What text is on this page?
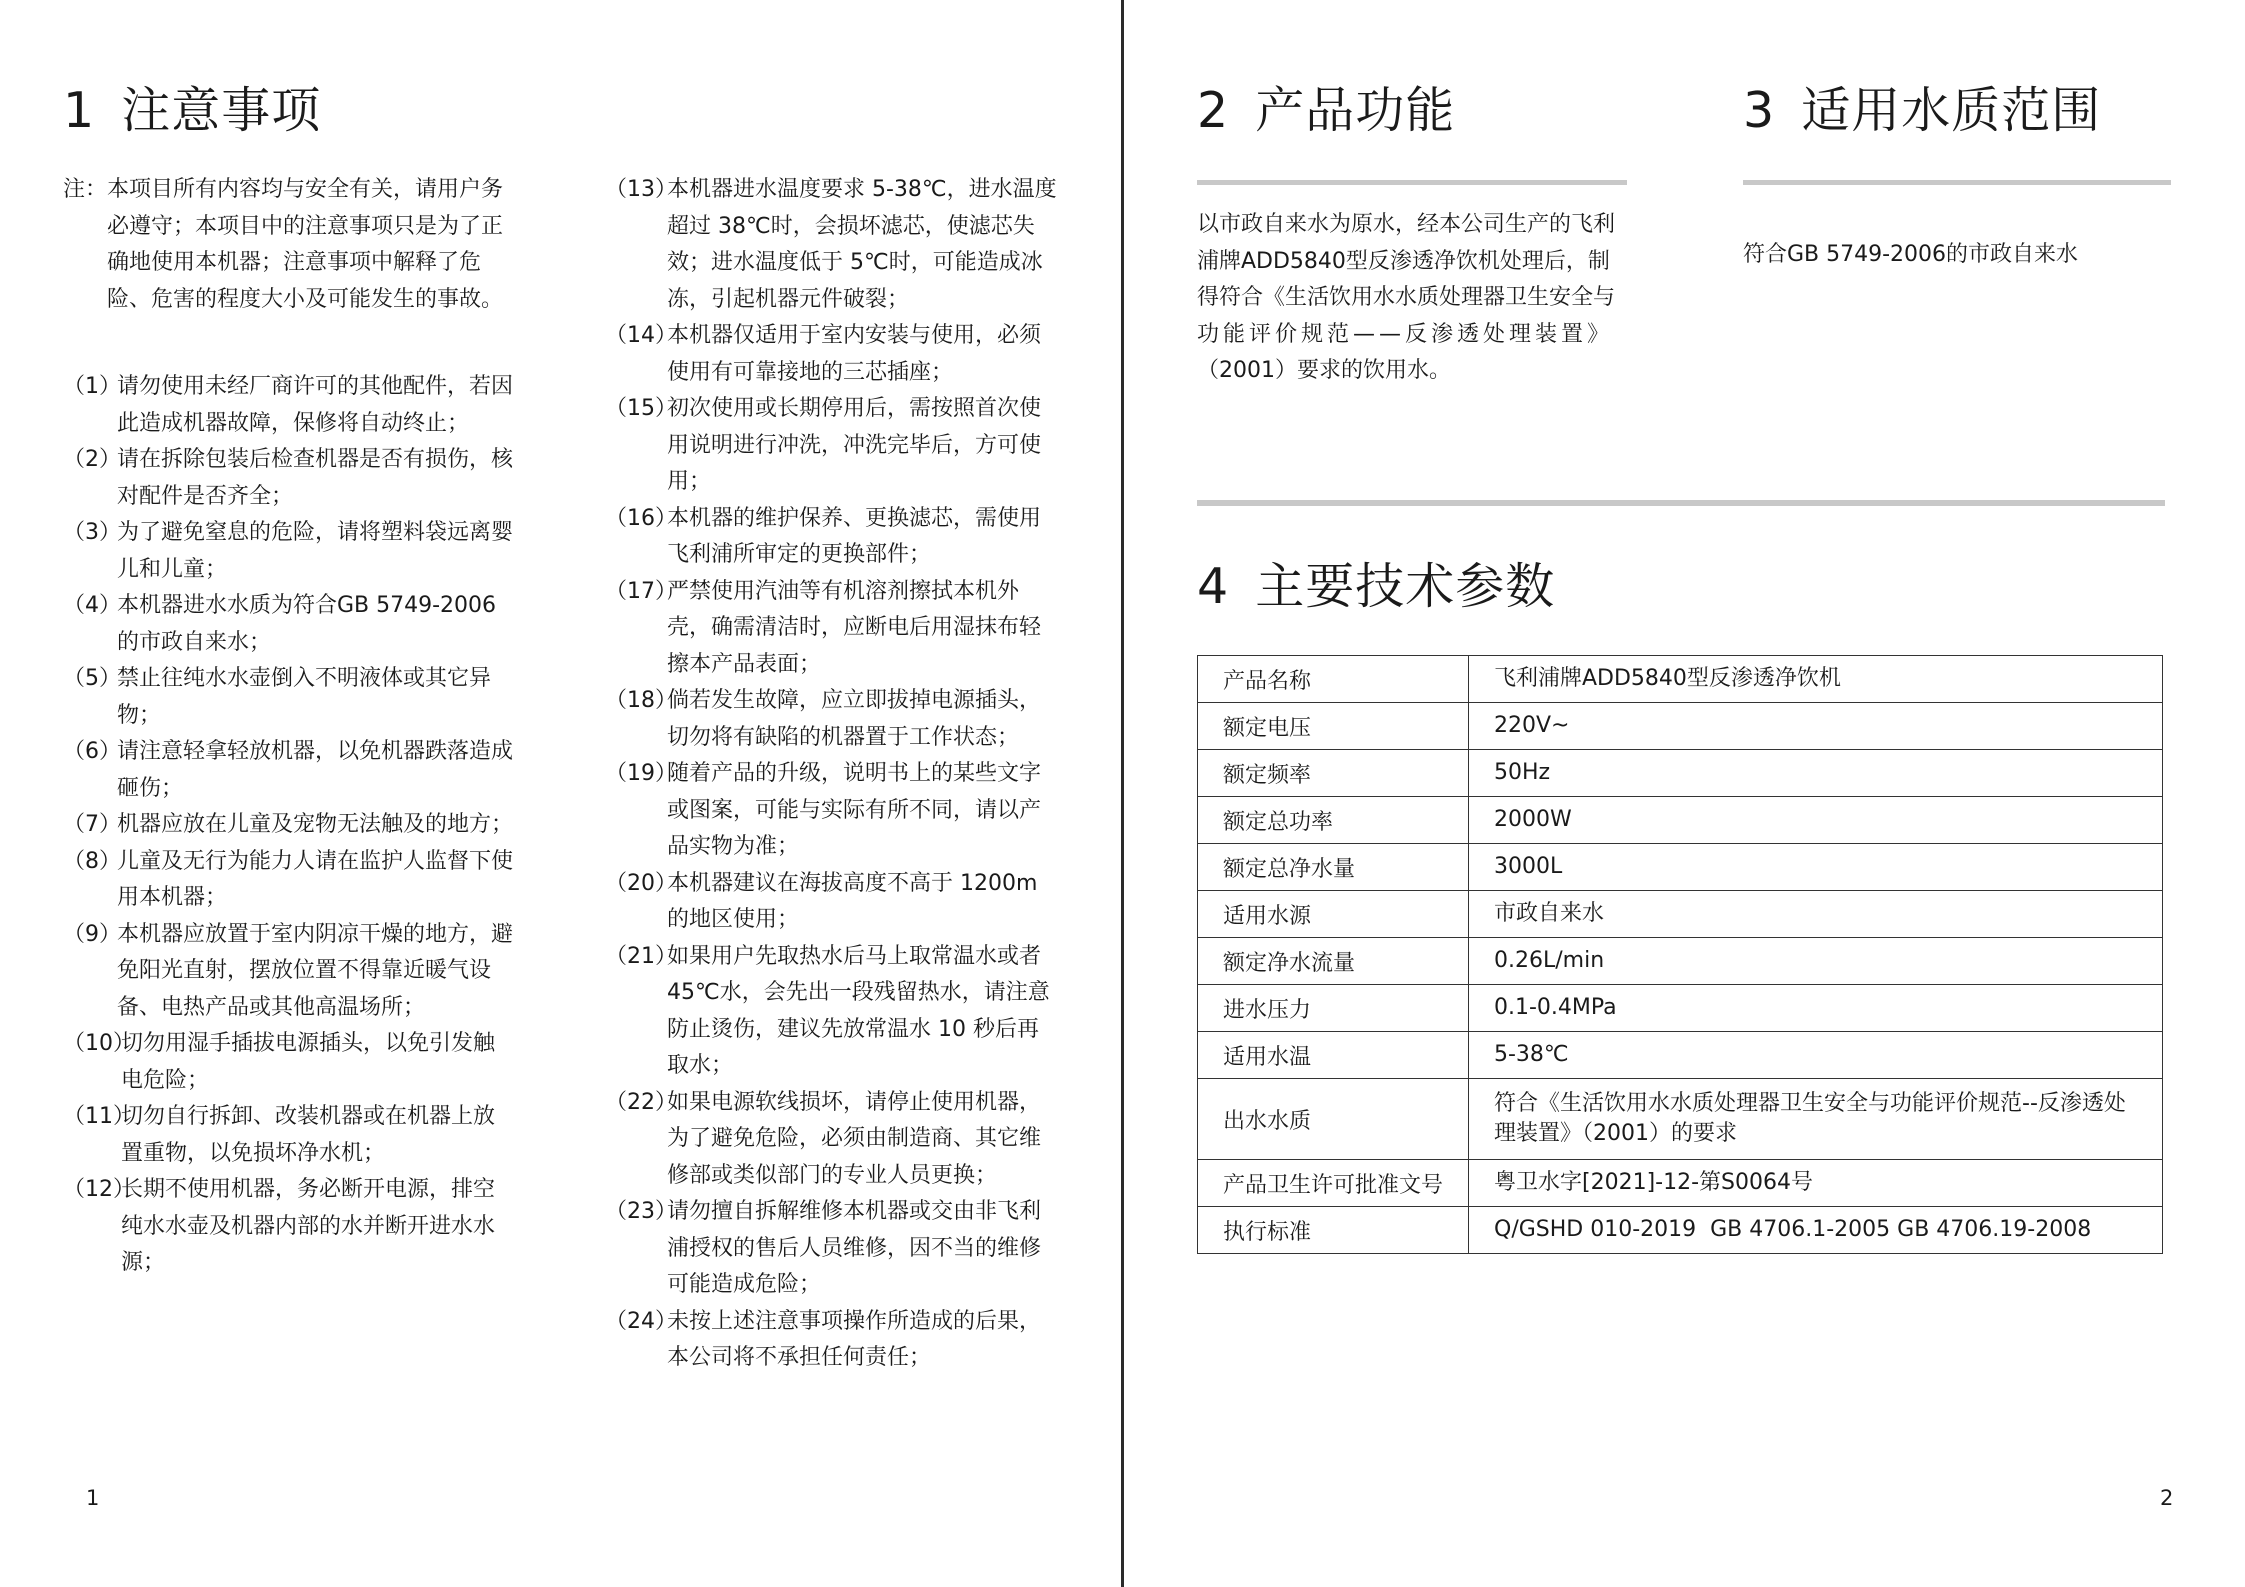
1 注意事项
注：本项目所有内容均与安全有关，请用户务必遵守；本项目中的注意事项只是为了正确地使用本机器；注意事项中解释了危险、危害的程度大小及可能发生的事故。
（1）
请勿使用未经厂商许可的其他配件，若因此造成机器故障，保修将自动终止；
（2）
请在拆除包装后检查机器是否有损伤，核对配件是否齐全；
（3）
为了避免窒息的危险，请将塑料袋远离婴儿和儿童；
（4）
本机器进水水质为符合GB 5749-2006的市政自来水；
（5）
禁止往纯水水壶倒入不明液体或其它异物；
（6）
请注意轻拿轻放机器，以免机器跌落造成砸伤；
（7）
机器应放在儿童及宠物无法触及的地方；
（8）
儿童及无行为能力人请在监护人监督下使用本机器；
（9）
本机器应放置于室内阴凉干燥的地方，避免阳光直射，摆放位置不得靠近暖气设备、电热产品或其他高温场所；
（10）
切勿用湿手插拔电源插头，以免引发触电危险；
（11）
切勿自行拆卸、改装机器或在机器上放置重物，以免损坏净水机；
（12）
长期不使用机器，务必断开电源，排空纯水水壶及机器内部的水并断开进水水源；
（13）
本机器进水温度要求 5-38℃，进水温度超过 38℃时，会损坏滤芯，使滤芯失效；进水温度低于 5℃时，可能造成冰冻，引起机器元件破裂；
（14）
本机器仅适用于室内安装与使用，必须使用有可靠接地的三芯插座；
（15）
初次使用或长期停用后，需按照首次使用说明进行冲洗，冲洗完毕后，方可使用；
（16）
本机器的维护保养、更换滤芯，需使用飞利浦所审定的更换部件；
（17）
严禁使用汽油等有机溶剂擦拭本机外壳，确需清洁时，应断电后用湿抹布轻擦本产品表面；
（18）
倘若发生故障，应立即拔掉电源插头，切勿将有缺陷的机器置于工作状态；
（19）
随着产品的升级，说明书上的某些文字或图案，可能与实际有所不同，请以产品实物为准；
（20）
本机器建议在海拔高度不高于 1200m 的地区使用；
（21）
如果用户先取热水后马上取常温水或者 45℃水，会先出一段残留热水，请注意防止烫伤，建议先放常温水 10 秒后再取水；
（22）
如果电源软线损坏，请停止使用机器，为了避免危险，必须由制造商、其它维修部或类似部门的专业人员更换；
（23）
请勿擅自拆解维修本机器或交由非飞利浦授权的售后人员维修，因不当的维修可能造成危险；
（24）
未按上述注意事项操作所造成的后果，本公司将不承担任何责任；
1
2 产品功能
以市政自来水为原水，经本公司生产的飞利
浦牌ADD5840型反渗透净饮机处理后，制
得符合《生活饮用水水质处理器卫生安全与
功能评价规范——反渗透处理装置》
（2001）要求的饮用水。
3 适用水质范围
符合GB 5749-2006的市政自来水
4 主要技术参数
2
产品名称	飞利浦牌ADD5840型反渗透净饮机
额定电压	220V~
额定频率	50Hz
额定总功率	2000W
额定总净水量	3000L
适用水源	市政自来水
额定净水流量	0.26L/min
进水压力	0.1-0.4MPa
适用水温	5-38℃
出水水质	符合《生活饮用水水质处理器卫生安全与功能评价规范--反渗透处理装置》（2001）的要求
产品卫生许可批准文号	粤卫水字[2021]-12-第S0064号
执行标准	Q/GSHD 010-2019  GB 4706.1-2005 GB 4706.19-2008
